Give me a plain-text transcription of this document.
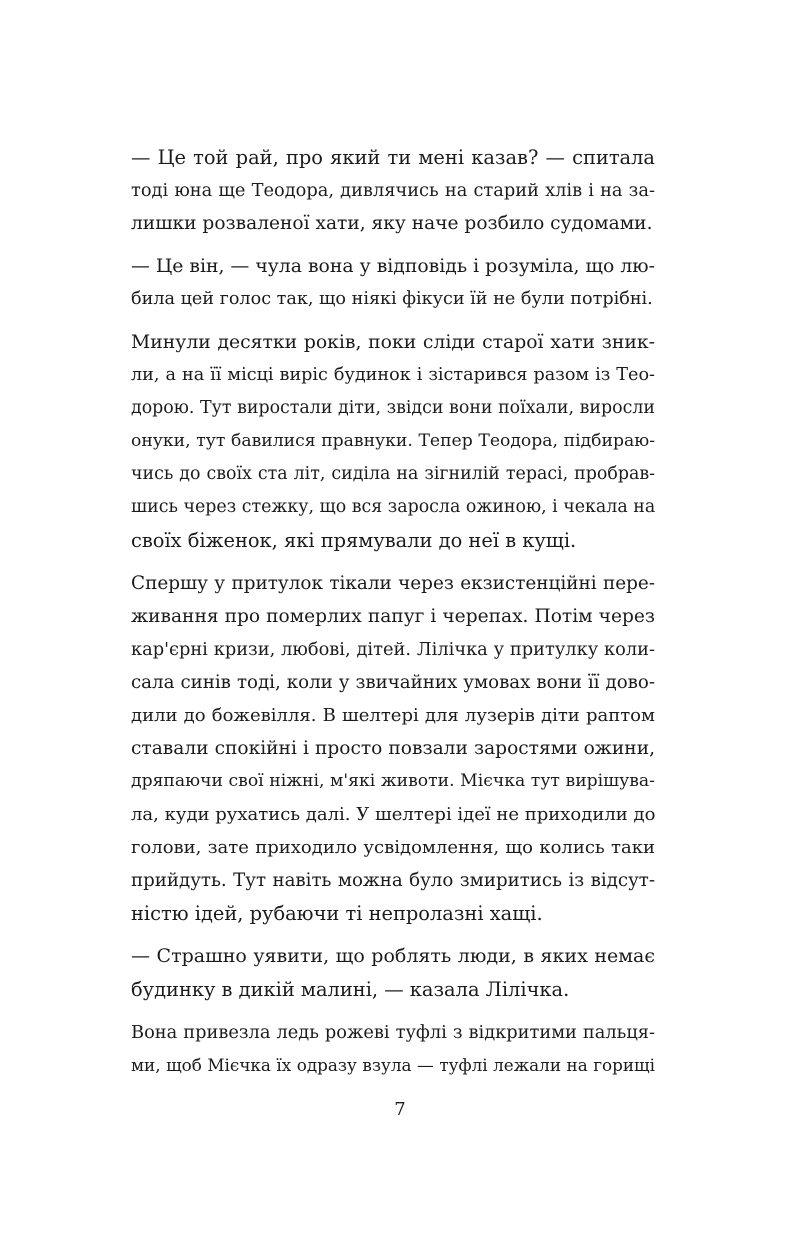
— Це той рай, про який ти мені казав? — спитала
тоді юна ще Теодора, дивлячись на старий хлів і на за-
лишки розваленої хати, яку наче розбило судомами.
— Це він, — чула вона у відповідь і розуміла, що лю-
била цей голос так, що ніякі фікуси їй не були потрібні.
Минули десятки років, поки сліди старої хати зник-
ли, а на її місці виріс будинок і зістарився разом із Тео-
дорою. Тут виростали діти, звідси вони поїхали, виросли
онуки, тут бавилися правнуки. Тепер Теодора, підбираю-
чись до своїх ста літ, сиділа на зігнилій терасі, пробрав-
шись через стежку, що вся заросла ожиною, і чекала на
своїх біженок, які прямували до неї в кущі.
Спершу у притулок тікали через екзистенційні пере-
живання про померлих папуг і черепах. Потім через
кар'єрні кризи, любові, дітей. Лілічка у притулку коли-
сала синів тоді, коли у звичайних умовах вони її дово-
дили до божевілля. В шелтері для лузерів діти раптом
ставали спокійні і просто повзали заростями ожини,
дряпаючи свої ніжні, м'які животи. Мієчка тут вирішува-
ла, куди рухатись далі. У шелтері ідеї не приходили до
голови, зате приходило усвідомлення, що колись таки
прийдуть. Тут навіть можна було змиритись із відсут-
ністю ідей, рубаючи ті непролазні хащі.
— Страшно уявити, що роблять люди, в яких немає
будинку в дикій малині, — казала Лілічка.
Вона привезла ледь рожеві туфлі з відкритими пальця-
ми, щоб Мієчка їх одразу взула — туфлі лежали на горищі
7
